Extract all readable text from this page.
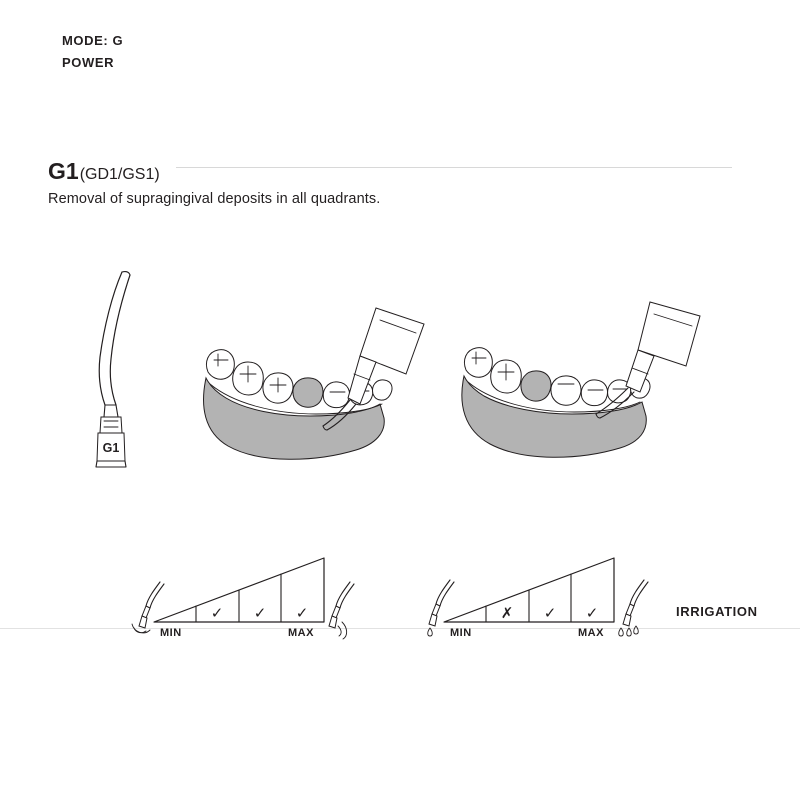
G1 (GD1/GS1)
Removal of supragingival deposits in all quadrants.
G1
MODE: G
POWER
IRRIGATION
✓ ✓ ✓
MIN	MAX
✗ ✓ ✓
MIN	MAX
